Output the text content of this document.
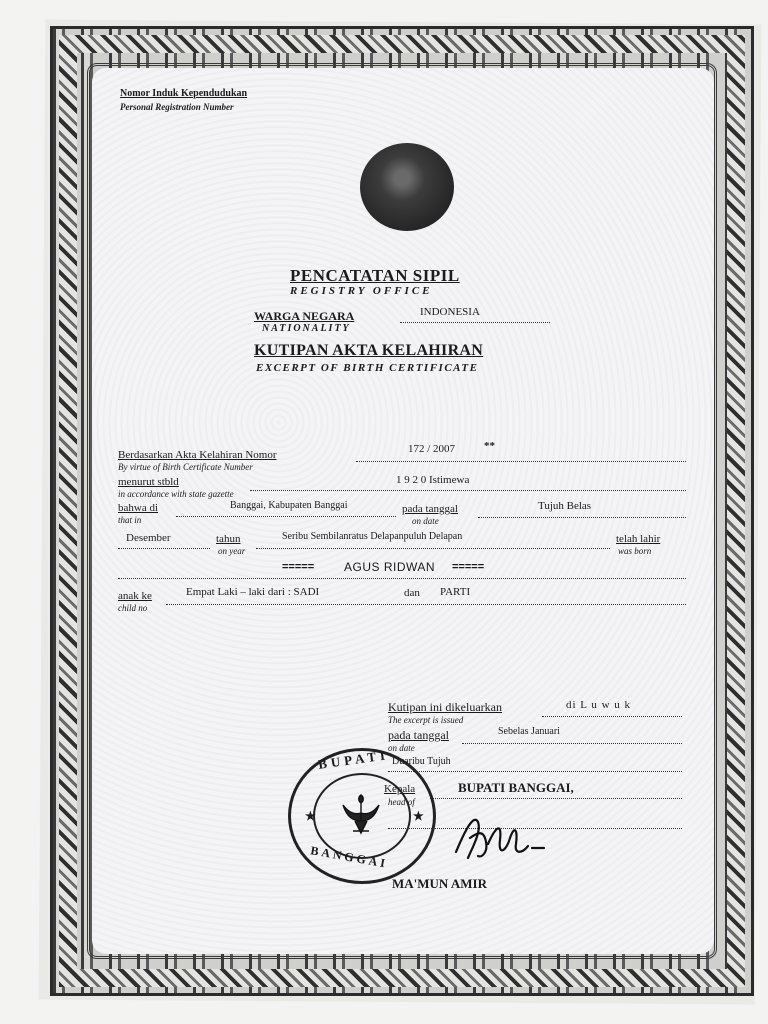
Nomor Induk Kependudukan
Personal Registration Number
PENCATATAN SIPIL
REGISTRY OFFICE
WARGA NEGARA
NATIONALITY
INDONESIA
KUTIPAN AKTA KELAHIRAN
EXCERPT OF BIRTH CERTIFICATE
Berdasarkan Akta Kelahiran Nomor
By virtue of Birth Certificate Number
172 / 2007	**
menurut stbld
in accordance with state gazette
1 9 2 0 Istimewa
bahwa di
that in
Banggai, Kabupaten Banggai	pada tanggal
on date
Tujuh Belas
Desember	tahun
on year
Seribu Sembilanratus Delapanpuluh Delapan	telah lahir
was born
===== AGUS RIDWAN =====
anak ke
child no
Empat Laki – laki dari : SADI	dan PARTI
Kutipan ini dikeluarkan
The excerpt is issued
di L u w u k
pada tanggal
on date
Sebelas Januari
Duaribu Tujuh
Kepala
head of
BUPATI BANGGAI,
MA'MUN AMIR
★	★
BUPATI
BANGGAI
